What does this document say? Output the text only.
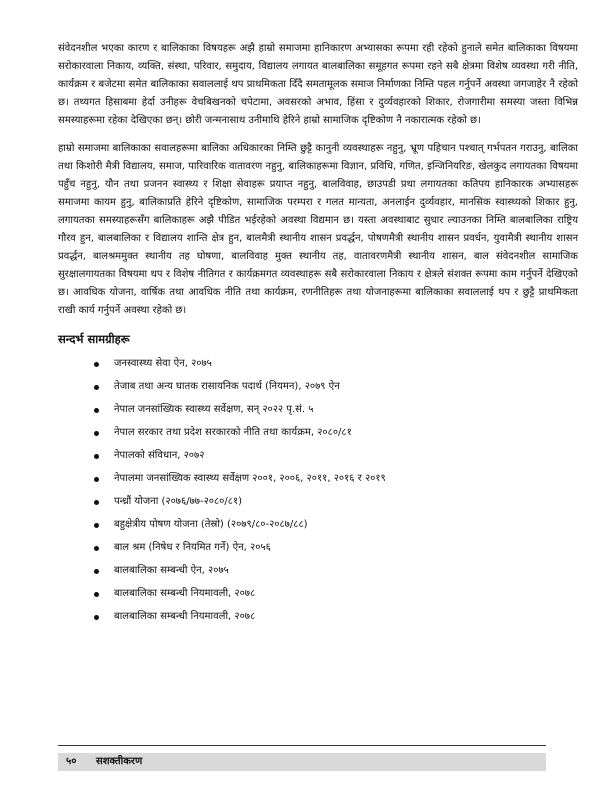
संवेदनशील भएका कारण र बालिकाका विषयहरू अझै हाम्रो समाजमा हानिकारण अभ्यासका रूपमा रही रहेको हुनाले समेत बालिकाका विषयमा सरोकारवाला निकाय, व्यक्ति, संस्था, परिवार, समुदाय, विद्यालय लगायत बालबालिका समूहगत रूपमा रहने सबै क्षेत्रमा विशेष व्यवस्था गरी नीति, कार्यक्रम र बजेटमा समेत बालिकाका सवाललाई थप प्राथमिकता दिँदै समतामूलक समाज निर्माणका निम्ति पहल गर्नुपर्ने अवस्था जगजाहेर नै रहेको छ। तथ्यगत हिसाबमा हेर्दा उनीहरू वेचबिखनको चपेटामा, अवसरको अभाव, हिंसा र दुर्व्यवहारको शिकार, रोजगारीमा समस्या जस्ता विभिन्न समस्याहरूमा रहेका देखिएका छन्। छोरी जन्मनासाथ उनीमाथि हेरिने हाम्रो सामाजिक दृष्टिकोण नै नकारात्मक रहेको छ।

हाम्रो समाजमा बालिकाका सवालहरूमा बालिका अधिकारका निम्ति छुट्टै कानुनी व्यवस्थाहरू नहुनु, भ्रूण पहिचान पश्चात् गर्भपतन गराउनु, बालिका तथा किशोरी मैत्री विद्यालय, समाज, पारिवारिक वातावरण नहुनु, बालिकाहरूमा विज्ञान, प्रविधि, गणित, इन्जिनियरिङ, खेलकुद लगायतका विषयमा पहुँच नहुनु, यौन तथा प्रजनन स्वास्थ्य र शिक्षा सेवाहरू प्रयाप्त नहुनु, बालविवाह, छाउपडी प्रथा लगायतका कतिपय हानिकारक अभ्यासहरू समाजमा कायम हुनु, बालिकाप्रति हेरिने दृष्टिकोण, सामाजिक परम्परा र गलत मान्यता, अनलाईन दुर्व्यवहार, मानसिक स्वास्थ्यको शिकार हुनु, लगायतका समस्याहरूसँग बालिकाहरू अझै पीडित भईरहेको अवस्था विद्यमान छ। यस्ता अवस्थाबाट सुधार ल्याउनका निम्ति बालबालिका राष्ट्रिय गौरव हुन, बालबालिका र विद्यालय शान्ति क्षेत्र हुन, बालमैत्री स्थानीय शासन प्रवर्द्धन, पोषणमैत्री स्थानीय शासन प्रवर्धन, युवामैत्री स्थानीय शासन प्रवर्द्धन, बालश्रममुक्त स्थानीय तह घोषणा, बालविवाह मुक्त स्थानीय तह, वातावरणमैत्री स्थानीय शासन, बाल संवेदनशील सामाजिक सुरक्षालगायतका विषयमा थप र विशेष नीतिगत र कार्यक्रमगत व्यवस्थाहरू सबै सरोकारवाला निकाय र क्षेत्रले संशक्त रूपमा काम गर्नुपर्ने देखिएको छ। आवधिक योजना, वार्षिक तथा आवधिक नीति तथा कार्यक्रम, रणनीतिहरू तथा योजनाहरूमा बालिकाका सवाललाई थप र छुट्टै प्राथमिकता राखी कार्य गर्नुपर्ने अवस्था रहेको छ।

सन्दर्भ सामग्रीहरू
जनस्वास्थ्य सेवा ऐन, २०७५
तेजाब तथा अन्य घातक रासायनिक पदार्थ (नियमन), २०७९ ऐन
नेपाल जनसांख्यिक स्वास्थ्य सर्वेक्षण, सन् २०२२ पृ.सं. ५
नेपाल सरकार तथा प्रदेश सरकारको नीति तथा कार्यक्रम, २०८०/८१
नेपालको संविधान, २०७२
नेपालमा जनसांख्यिक स्वास्थ्य सर्वेक्षण २००१, २००६, २०११, २०१६ र २०१९
पन्ध्रौं योजना (२०७६/७७-२०८०/८१)
बहुक्षेत्रीय पोषण योजना (तेस्रो) (२०७९/८०-२०८७/८८)
बाल श्रम (निषेध र नियमित गर्ने) ऐन, २०५६
बालबालिका सम्बन्धी ऐन, २०७५
बालबालिका सम्बन्धी नियमावली, २०७८
बालबालिका सम्बन्धी नियमावली, २०७८
५० सशक्तीकरण
